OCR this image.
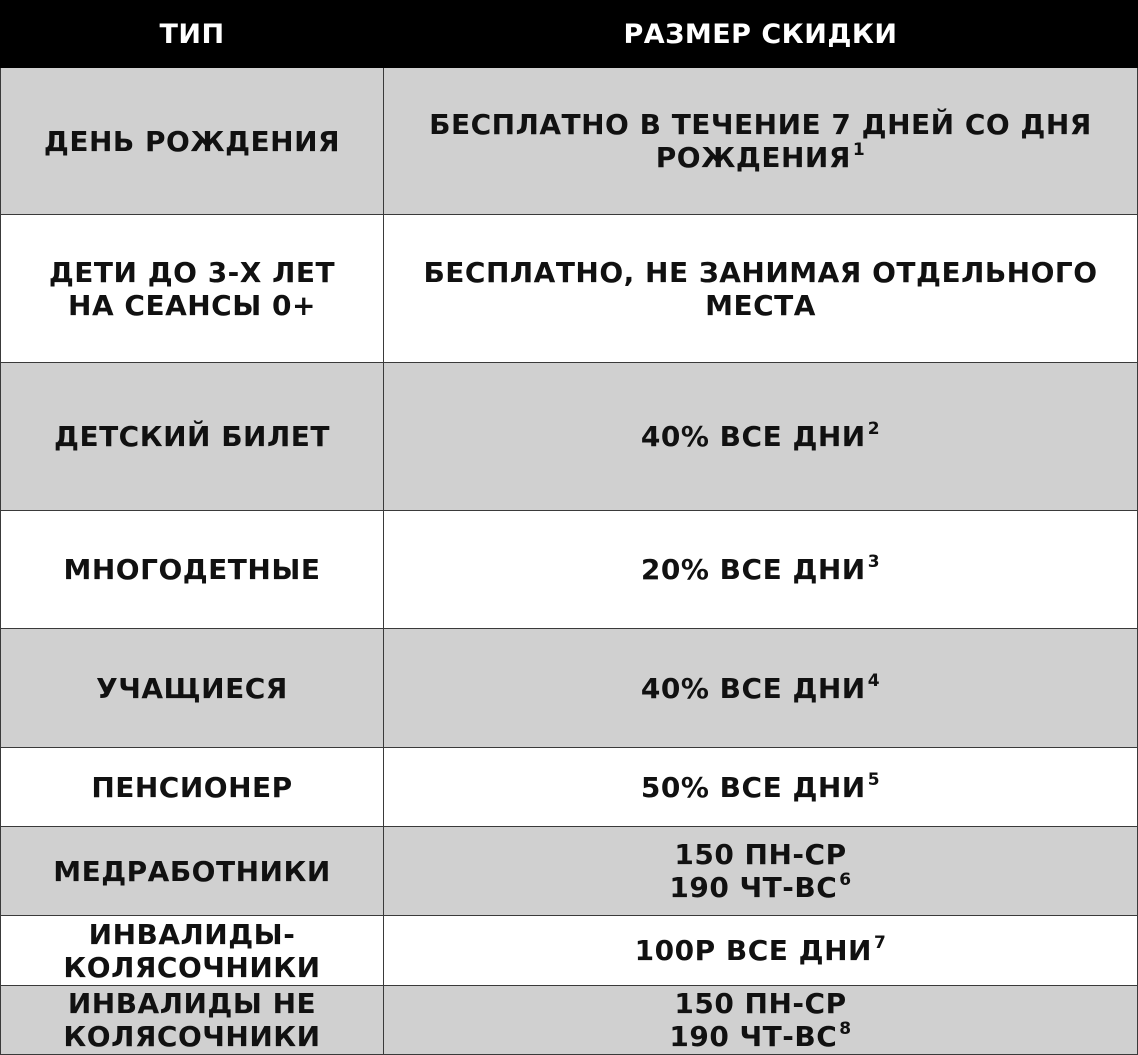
ТИП	РАЗМЕР СКИДКИ

ДЕНЬ РОЖДЕНИЯ	БЕСПЛАТНО В ТЕЧЕНИЕ 7 ДНЕЙ СО ДНЯ
РОЖДЕНИЯ $^1$

ДЕТИ ДО 3-Х ЛЕТ
НА СЕАНСЫ 0+	БЕСПЛАТНО, НЕ ЗАНИМАЯ ОТДЕЛЬНОГО
МЕСТА

ДЕТСКИЙ БИЛЕТ	40% ВСЕ ДНИ $^2$

МНОГОДЕТНЫЕ	20% ВСЕ ДНИ $^3$

УЧАЩИЕСЯ	40% ВСЕ ДНИ $^4$

ПЕНСИОНЕР	50% ВСЕ ДНИ $^5$

МЕДРАБОТНИКИ	150 ПН-СР
190 ЧТ-ВС $^6$

ИНВАЛИДЫ-
КОЛЯСОЧНИКИ	100Р ВСЕ ДНИ $^7$

ИНВАЛИДЫ НЕ
КОЛЯСОЧНИКИ	150 ПН-СР
190 ЧТ-ВС $^8$
